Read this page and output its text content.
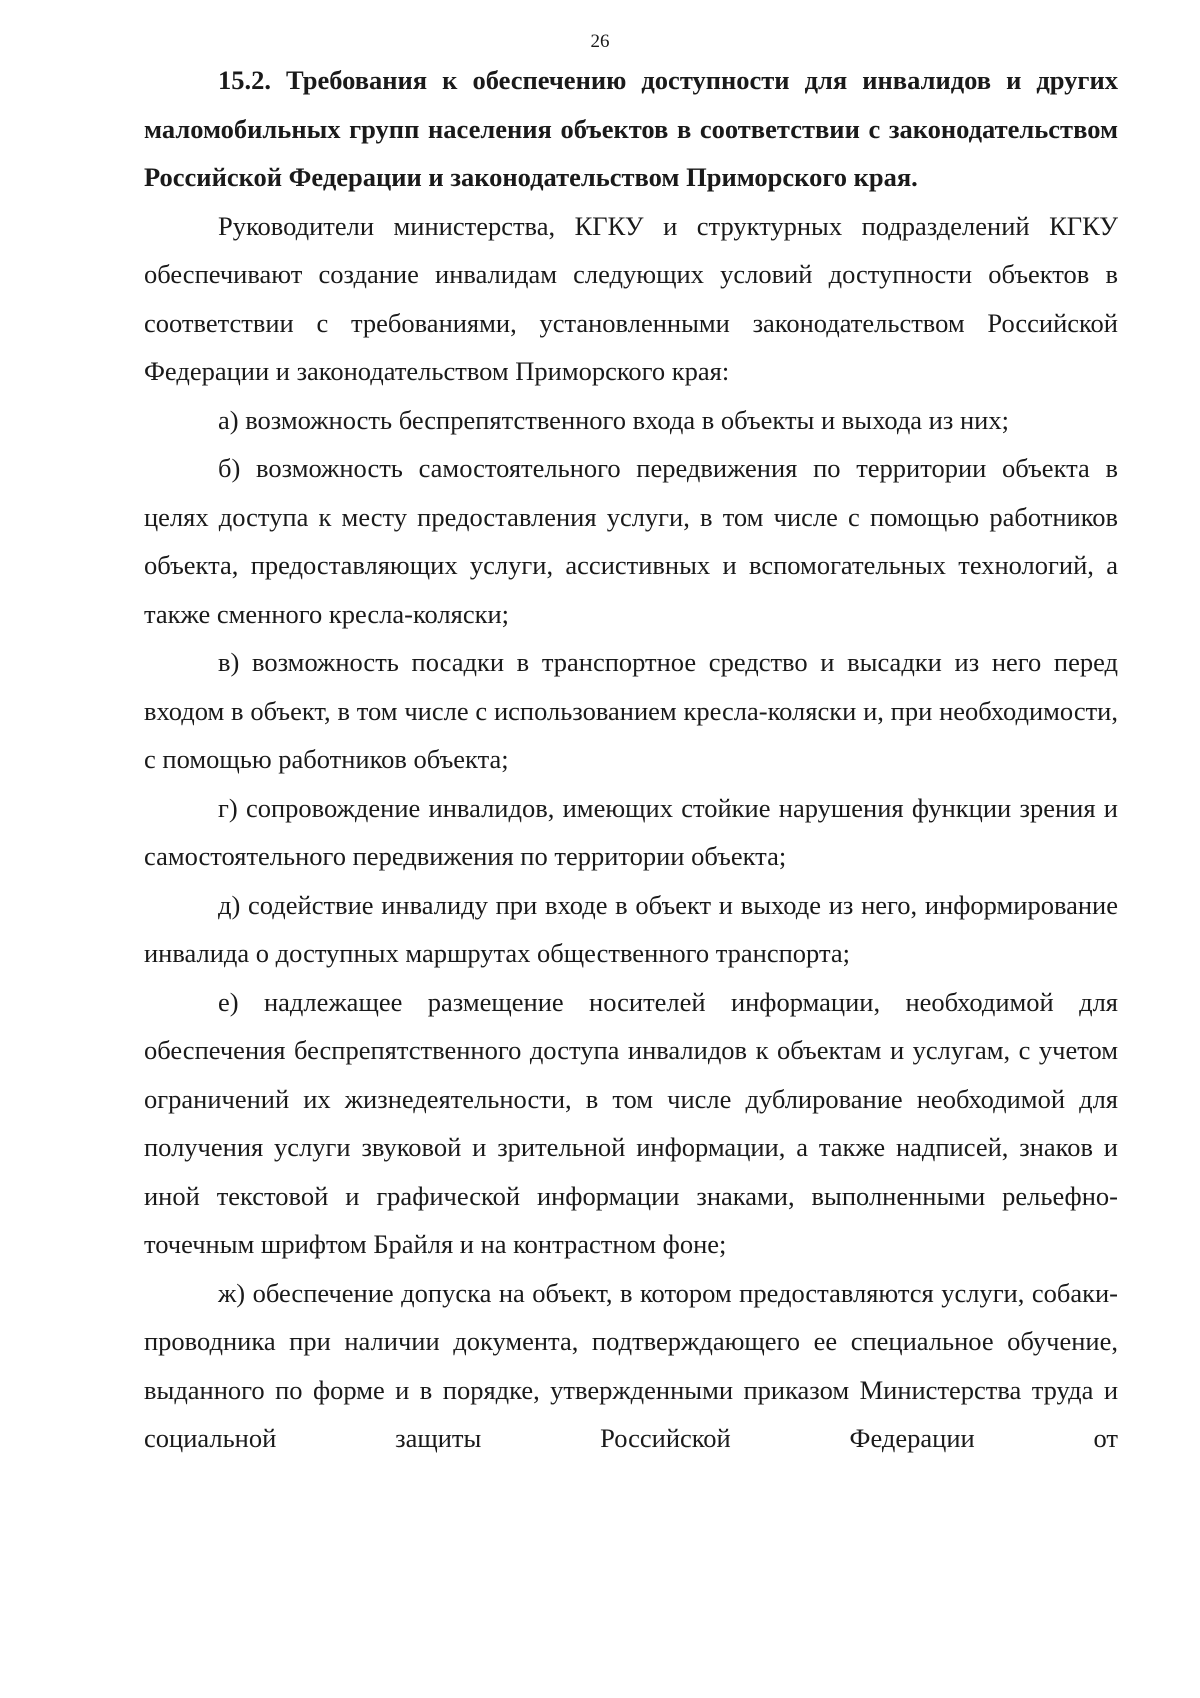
26

15.2. Требования к обеспечению доступности для инвалидов и других маломобильных групп населения объектов в соответствии с законодательством Российской Федерации и законодательством Приморского края.

Руководители министерства, КГКУ и структурных подразделений КГКУ обеспечивают создание инвалидам следующих условий доступности объектов в соответствии с требованиями, установленными законодательством Российской Федерации и законодательством Приморского края:

а) возможность беспрепятственного входа в объекты и выхода из них;

б) возможность самостоятельного передвижения по территории объекта в целях доступа к месту предоставления услуги, в том числе с помощью работников объекта, предоставляющих услуги, ассистивных и вспомогательных технологий, а также сменного кресла-коляски;

в) возможность посадки в транспортное средство и высадки из него перед входом в объект, в том числе с использованием кресла-коляски и, при необходимости, с помощью работников объекта;

г) сопровождение инвалидов, имеющих стойкие нарушения функции зрения и самостоятельного передвижения по территории объекта;

д) содействие инвалиду при входе в объект и выходе из него, информирование инвалида о доступных маршрутах общественного транспорта;

е) надлежащее размещение носителей информации, необходимой для обеспечения беспрепятственного доступа инвалидов к объектам и услугам, с учетом ограничений их жизнедеятельности, в том числе дублирование необходимой для получения услуги звуковой и зрительной информации, а также надписей, знаков и иной текстовой и графической информации знаками, выполненными рельефно-точечным шрифтом Брайля и на контрастном фоне;

ж) обеспечение допуска на объект, в котором предоставляются услуги, собаки-проводника при наличии документа, подтверждающего ее специальное обучение, выданного по форме и в порядке, утвержденными приказом Министерства труда и социальной защиты Российской Федерации от
